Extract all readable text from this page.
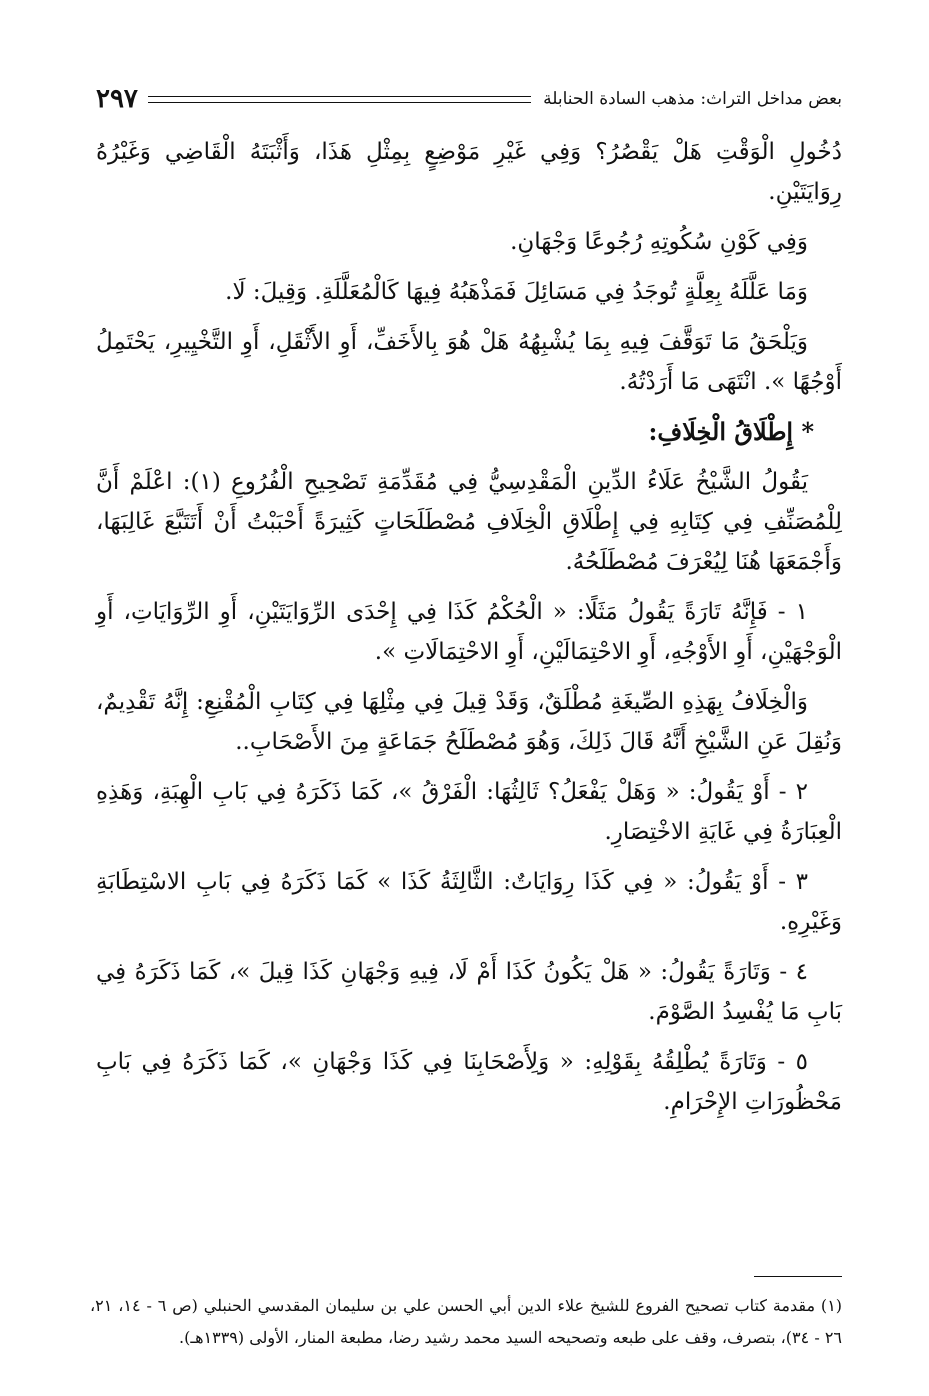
بعض مداخل التراث: مذهب السادة الحنابلة
٢٩٧

دُخُولِ الْوَقْتِ هَلْ يَقْصُرُ؟ وَفِي غَيْرِ مَوْضِعٍ بِمِثْلِ هَذَا، وَأَثْبَتَهُ الْقَاضِي وَغَيْرُهُ رِوَايَتَيْنِ.

وَفِي كَوْنِ سُكُوتِهِ رُجُوعًا وَجْهَانِ.

وَمَا عَلَّلَهُ بِعِلَّةٍ تُوجَدُ فِي مَسَائِلَ فَمَذْهَبُهُ فِيهَا كَالْمُعَلَّلَةِ. وَقِيلَ: لَا.

وَيَلْحَقُ مَا تَوَقَّفَ فِيهِ بِمَا يُشْبِهُهُ هَلْ هُوَ بِالأَخَفِّ، أَوِ الأَثْقَلِ، أَوِ التَّخْيِيرِ، يَحْتَمِلُ أَوْجُهًا ». انْتَهَى مَا أَرَدْتُهُ.

* إِطْلَاقُ الْخِلَافِ:

يَقُولُ الشَّيْخُ عَلَاءُ الدِّينِ الْمَقْدِسِيُّ فِي مُقَدِّمَةِ تَصْحِيحِ الْفُرُوعِ (١): اعْلَمْ أَنَّ لِلْمُصَنِّفِ فِي كِتَابِهِ فِي إِطْلَاقِ الْخِلَافِ مُصْطَلَحَاتٍ كَثِيرَةً أَحْبَبْتُ أَنْ أَتَتَبَّعَ غَالِبَهَا، وَأَجْمَعَهَا هُنَا لِيُعْرَفَ مُصْطَلَحُهُ.

١ - فَإِنَّهُ تَارَةً يَقُولُ مَثَلًا: « الْحُكْمُ كَذَا فِي إِحْدَى الرِّوَايَتَيْنِ، أَوِ الرِّوَايَاتِ، أَوِ الْوَجْهَيْنِ، أَوِ الأَوْجُهِ، أَوِ الاحْتِمَالَيْنِ، أَوِ الاحْتِمَالَاتِ ».

وَالْخِلَافُ بِهَذِهِ الصِّيغَةِ مُطْلَقٌ، وَقَدْ قِيلَ فِي مِثْلِهَا فِي كِتَابِ الْمُقْنِعِ: إِنَّهُ تَقْدِيمٌ، وَنُقِلَ عَنِ الشَّيْخِ أَنَّهُ قَالَ ذَلِكَ، وَهُوَ مُصْطَلَحُ جَمَاعَةٍ مِنَ الأَصْحَابِ..

٢ - أَوْ يَقُولُ: « وَهَلْ يَفْعَلُ؟ ثَالِثُهَا: الْفَرْقُ »، كَمَا ذَكَرَهُ فِي بَابِ الْهِبَةِ، وَهَذِهِ الْعِبَارَةُ فِي غَايَةِ الاخْتِصَارِ.

٣ - أَوْ يَقُولُ: « فِي كَذَا رِوَايَاتٌ: الثَّالِثَةُ كَذَا » كَمَا ذَكَرَهُ فِي بَابِ الاسْتِطَابَةِ وَغَيْرِهِ.

٤ - وَتَارَةً يَقُولُ: « هَلْ يَكُونُ كَذَا أَمْ لَا، فِيهِ وَجْهَانِ كَذَا قِيلَ »، كَمَا ذَكَرَهُ فِي بَابِ مَا يُفْسِدُ الصَّوْمَ.

٥ - وَتَارَةً يُطْلِقُهُ بِقَوْلِهِ: « وَلِأَصْحَابِنَا فِي كَذَا وَجْهَانِ »، كَمَا ذَكَرَهُ فِي بَابِ مَحْظُورَاتِ الإِحْرَامِ.

(١) مقدمة كتاب تصحيح الفروع للشيخ علاء الدين أبي الحسن علي بن سليمان المقدسي الحنبلي (ص ٦ - ١٤، ٢١، ٢٦ - ٣٤)، بتصرف، وقف على طبعه وتصحيحه السيد محمد رشيد رضا، مطبعة المنار، الأولى (١٣٣٩هـ).
